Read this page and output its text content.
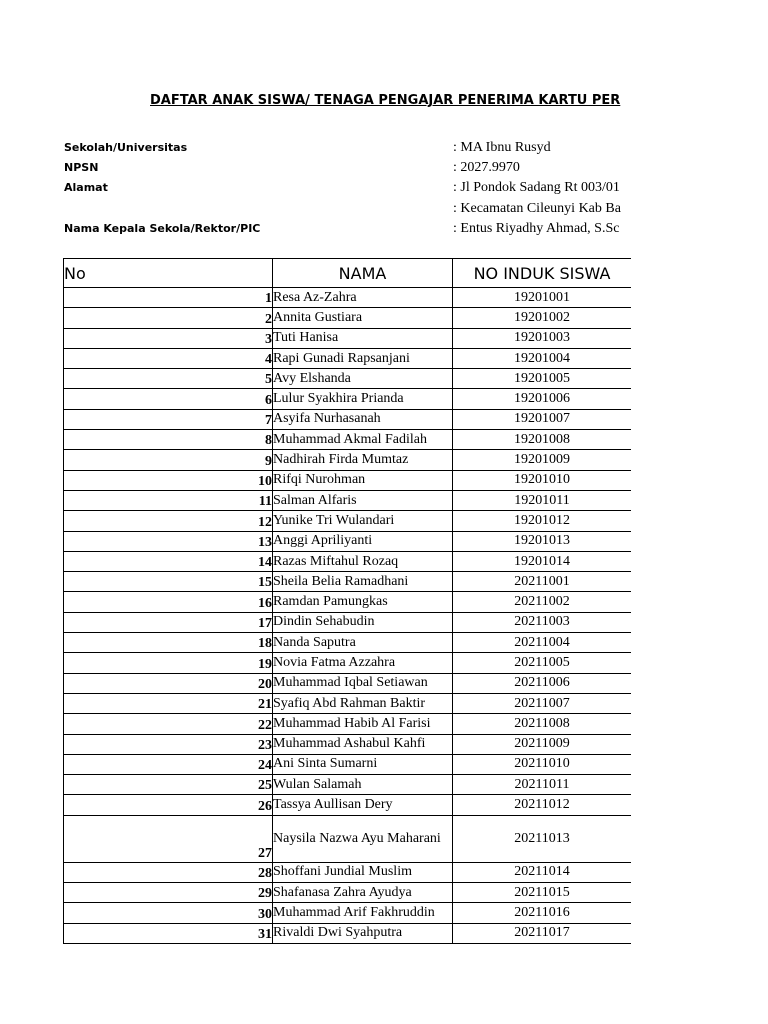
DAFTAR ANAK SISWA/ TENAGA PENGAJAR PENERIMA KARTU PER
Sekolah/Universitas	: MA Ibnu Rusyd
NPSN	: 2027.9970
Alamat	: Jl Pondok Sadang Rt 003/01
: Kecamatan Cileunyi Kab Ba
Nama Kepala Sekola/Rektor/PIC	: Entus Riyadhy Ahmad, S.Sc
No	NAMA	NO INDUK SISWA
1	Resa Az-Zahra	19201001
2	Annita Gustiara	19201002
3	Tuti Hanisa	19201003
4	Rapi Gunadi Rapsanjani	19201004
5	Avy Elshanda	19201005
6	Lulur Syakhira Prianda	19201006
7	Asyifa Nurhasanah	19201007
8	Muhammad Akmal Fadilah	19201008
9	Nadhirah Firda Mumtaz	19201009
10	Rifqi Nurohman	19201010
11	Salman Alfaris	19201011
12	Yunike Tri Wulandari	19201012
13	Anggi Apriliyanti	19201013
14	Razas Miftahul Rozaq	19201014
15	Sheila Belia Ramadhani	20211001
16	Ramdan Pamungkas	20211002
17	Dindin Sehabudin	20211003
18	Nanda Saputra	20211004
19	Novia Fatma Azzahra	20211005
20	Muhammad Iqbal Setiawan	20211006
21	Syafiq Abd Rahman Baktir	20211007
22	Muhammad Habib Al Farisi	20211008
23	Muhammad Ashabul Kahfi	20211009
24	Ani Sinta Sumarni	20211010
25	Wulan Salamah	20211011
26	Tassya Aullisan Dery	20211012
27	Naysila Nazwa Ayu Maharani	20211013
28	Shoffani Jundial Muslim	20211014
29	Shafanasa Zahra Ayudya	20211015
30	Muhammad Arif Fakhruddin	20211016
31	Rivaldi Dwi Syahputra	20211017
